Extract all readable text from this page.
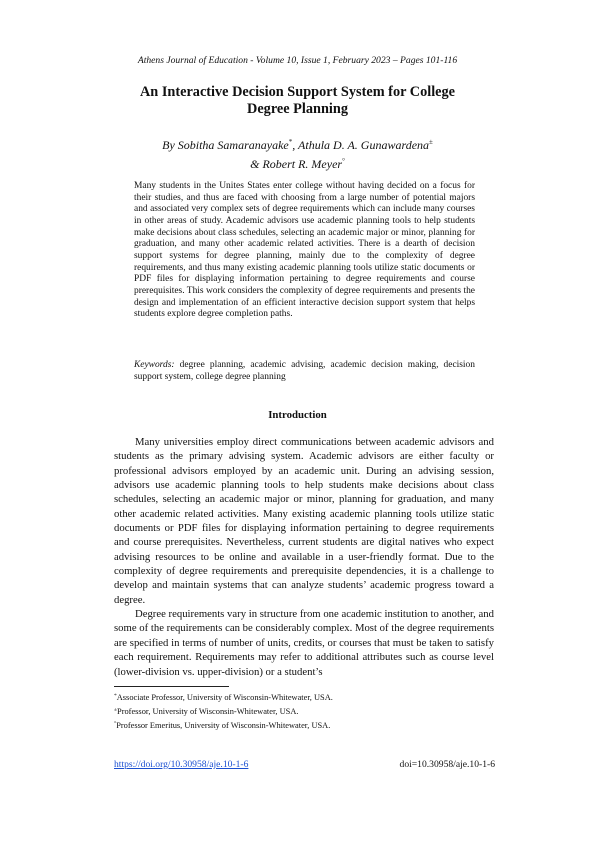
Athens Journal of Education - Volume 10, Issue 1, February 2023 – Pages 101-116
An Interactive Decision Support System for College
Degree Planning
By Sobitha Samaranayake*, Athula D. A. Gunawardena±
& Robert R. Meyer°

Many students in the Unites States enter college without having decided on a focus for their studies, and thus are faced with choosing from a large number of potential majors and associated very complex sets of degree requirements which can include many courses in other areas of study. Academic advisors use academic planning tools to help students make decisions about class schedules, selecting an academic major or minor, planning for graduation, and many other academic related activities. There is a dearth of decision support systems for degree planning, mainly due to the complexity of degree requirements, and thus many existing academic planning tools utilize static documents or PDF files for displaying information pertaining to degree requirements and course prerequisites. This work considers the complexity of degree requirements and presents the design and implementation of an efficient interactive decision support system that helps students explore degree completion paths.

Keywords: degree planning, academic advising, academic decision making, decision support system, college degree planning

Introduction

Many universities employ direct communications between academic advisors and students as the primary advising system. Academic advisors are either faculty or professional advisors employed by an academic unit. During an advising session, advisors use academic planning tools to help students make decisions about class schedules, selecting an academic major or minor, planning for graduation, and many other academic related activities. Many existing academic planning tools utilize static documents or PDF files for displaying information pertaining to degree requirements and course prerequisites. Nevertheless, current students are digital natives who expect advising resources to be online and available in a user-friendly format. Due to the complexity of degree requirements and prerequisite dependencies, it is a challenge to develop and maintain systems that can analyze students’ academic progress toward a degree.

Degree requirements vary in structure from one academic institution to another, and some of the requirements can be considerably complex. Most of the degree requirements are specified in terms of number of units, credits, or courses that must be taken to satisfy each requirement. Requirements may refer to additional attributes such as course level (lower-division vs. upper-division) or a student’s

*Associate Professor, University of Wisconsin-Whitewater, USA.
±Professor, University of Wisconsin-Whitewater, USA.
°Professor Emeritus, University of Wisconsin-Whitewater, USA.
https://doi.org/10.30958/aje.10-1-6	doi=10.30958/aje.10-1-6
